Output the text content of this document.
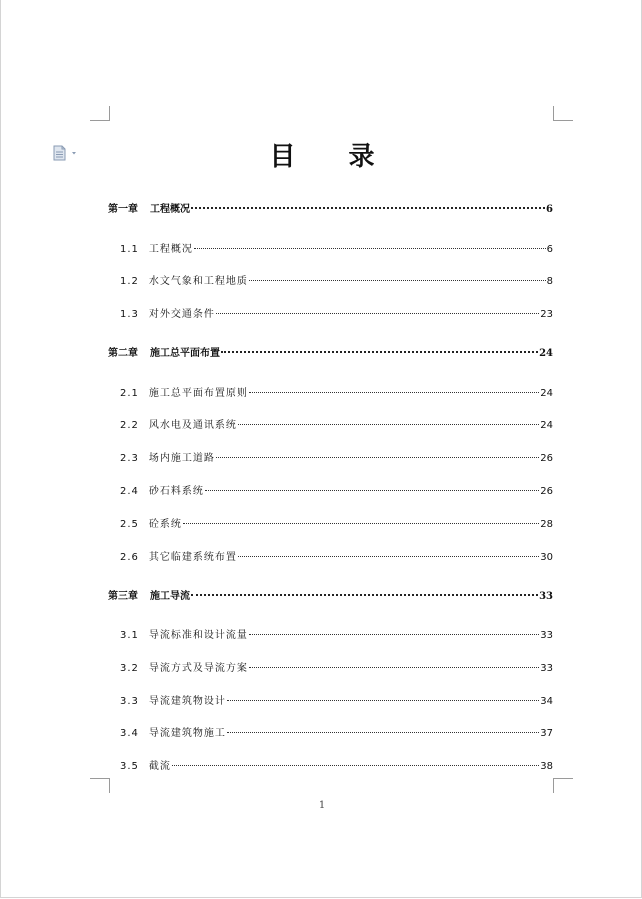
目 录
第一章 工程概况	6
1.1 工程概况	6
1.2 水文气象和工程地质	8
1.3 对外交通条件	23
第二章 施工总平面布置	24
2.1 施工总平面布置原则	24
2.2 风水电及通讯系统	24
2.3 场内施工道路	26
2.4 砂石料系统	26
2.5 砼系统	28
2.6 其它临建系统布置	30
第三章 施工导流	33
3.1 导流标准和设计流量	33
3.2 导流方式及导流方案	33
3.3 导流建筑物设计	34
3.4 导流建筑物施工	37
3.5 截流	38
1
